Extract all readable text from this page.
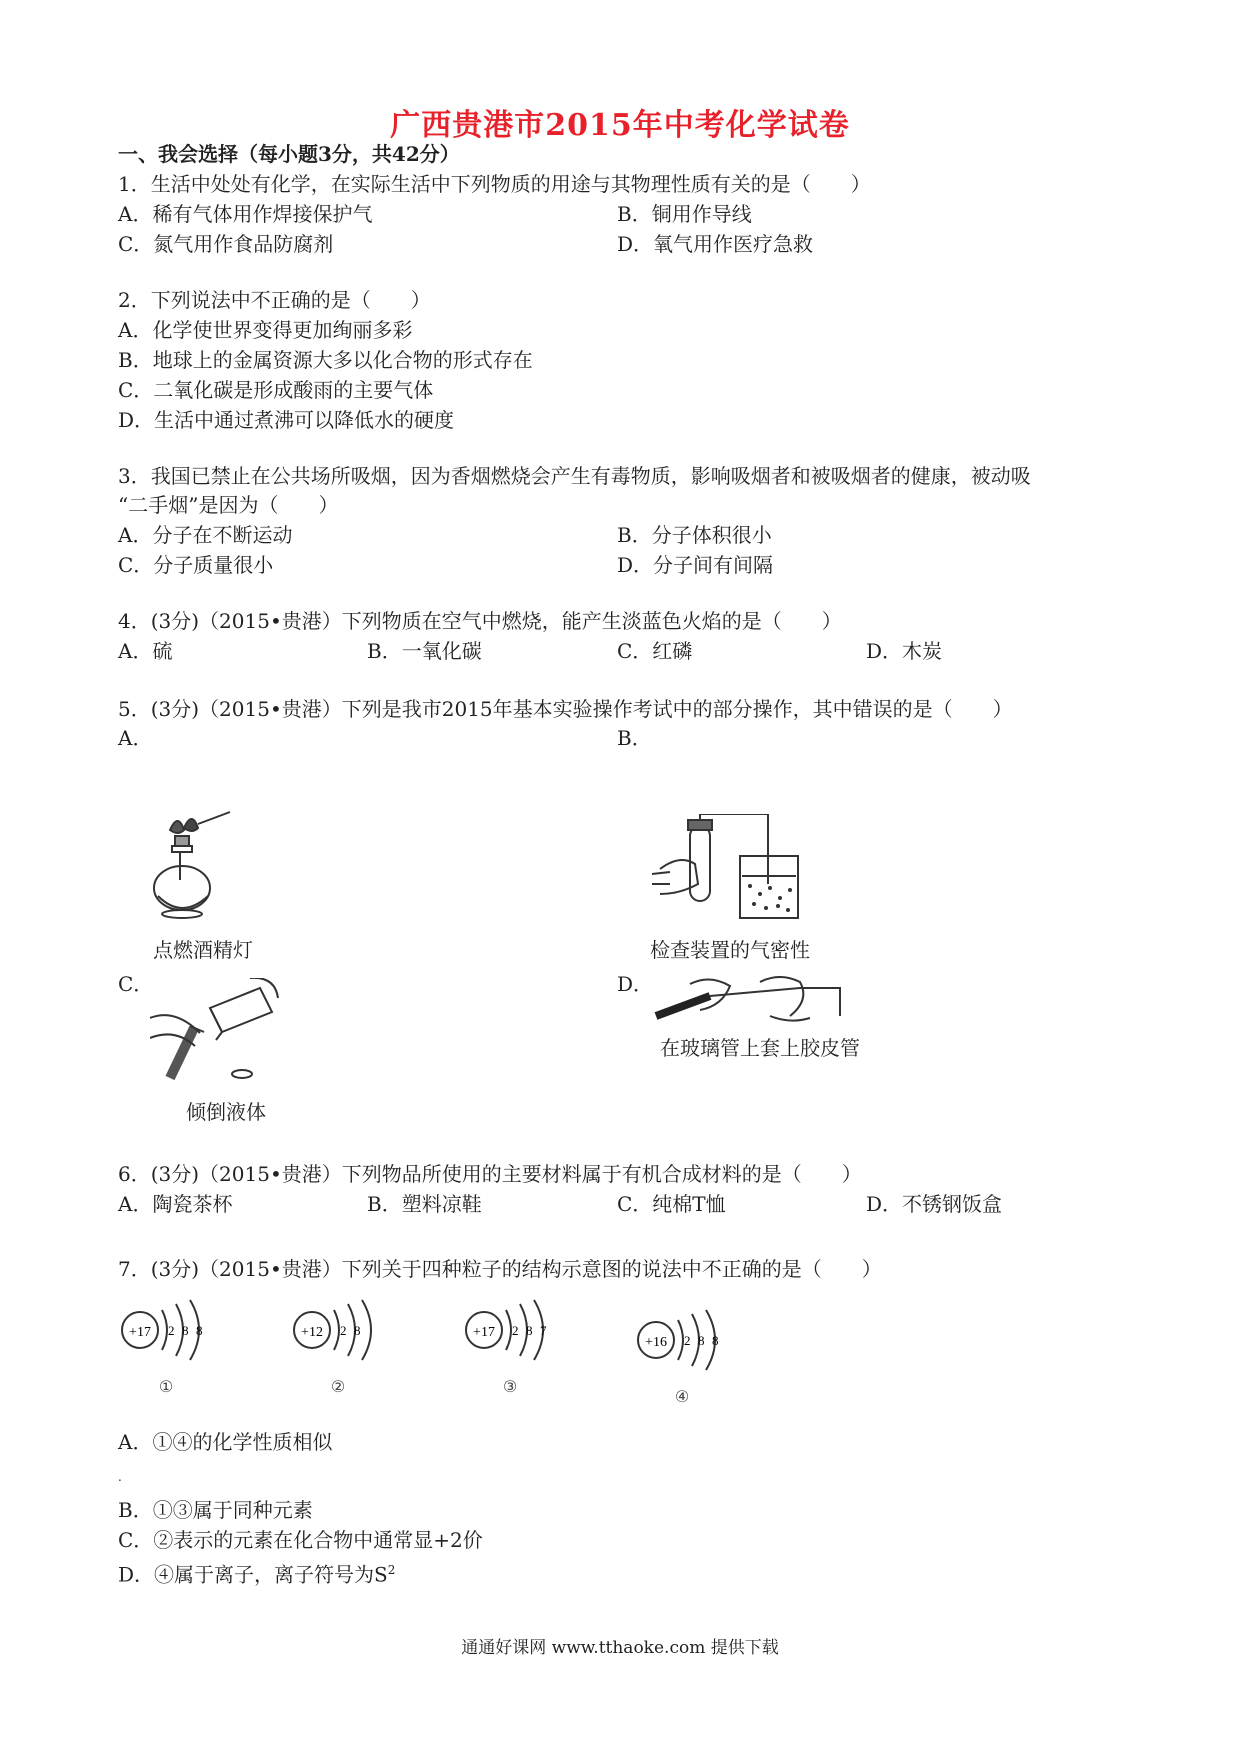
广西贵港市2015年中考化学试卷
一、我会选择（每小题3分，共42分）
1．生活中处处有化学，在实际生活中下列物质的用途与其物理性质有关的是（　　）
A．稀有气体用作焊接保护气	B．铜用作导线
C．氮气用作食品防腐剂	D．氧气用作医疗急救
2．下列说法中不正确的是（　　）
A．化学使世界变得更加绚丽多彩
B．地球上的金属资源大多以化合物的形式存在
C．二氧化碳是形成酸雨的主要气体
D．生活中通过煮沸可以降低水的硬度
3．我国已禁止在公共场所吸烟，因为香烟燃烧会产生有毒物质，影响吸烟者和被吸烟者的健康，被动吸
“二手烟”是因为（　　）
A．分子在不断运动	B．分子体积很小
C．分子质量很小	D．分子间有间隔
4．(3分)（2015•贵港）下列物质在空气中燃烧，能产生淡蓝色火焰的是（　　）
A．硫	B．一氧化碳	C．红磷	D．木炭
5．(3分)（2015•贵港）下列是我市2015年基本实验操作考试中的部分操作，其中错误的是（　　）
A．	B．
点燃酒精灯	检查装置的气密性
C．	D．
倾倒液体
在玻璃管上套上胶皮管
6．(3分)（2015•贵港）下列物品所使用的主要材料属于有机合成材料的是（　　）
A．陶瓷茶杯	B．塑料凉鞋	C．纯棉T恤	D．不锈钢饭盒
7．(3分)（2015•贵港）下列关于四种粒子的结构示意图的说法中不正确的是（　　）
+17 2 8 8
①
+12 2 8
②
+17 2 8 7
③
+16 2 8 8
④
A．①④的化学性质相似
.
B．①③属于同种元素
C．②表示的元素在化合物中通常显+2价
D．④属于离子，离子符号为$S^2$
通通好课网 www.tthaoke.com 提供下载
